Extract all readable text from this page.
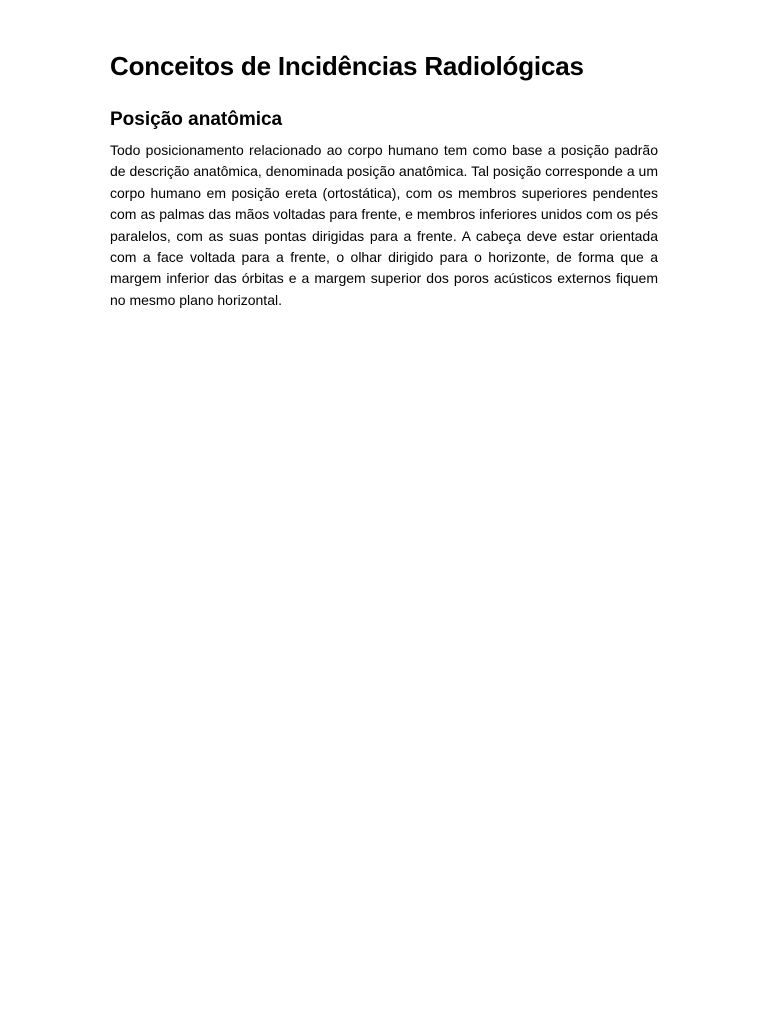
Conceitos de Incidências Radiológicas
Posição anatômica

Todo posicionamento relacionado ao corpo humano tem como base a posição padrão de descrição anatômica, denominada posição anatômica. Tal posição corresponde a um corpo humano em posição ereta (ortostática), com os membros superiores pendentes com as palmas das mãos voltadas para frente, e membros inferiores unidos com os pés paralelos, com as suas pontas dirigidas para a frente. A cabeça deve estar orientada com a face voltada para a frente, o olhar dirigido para o horizonte, de forma que a margem inferior das órbitas e a margem superior dos poros acústicos externos fiquem no mesmo plano horizontal.
